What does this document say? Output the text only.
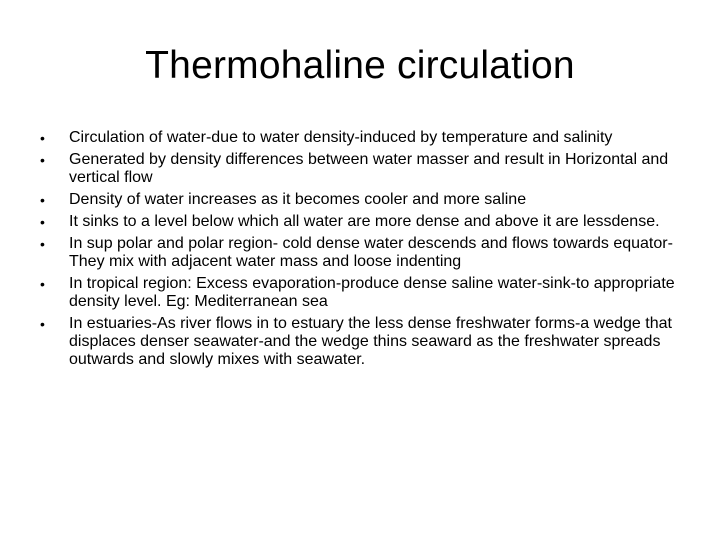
Thermohaline circulation
• Circulation of water-due to water density-induced by temperature and salinity
• Generated by density differences between water masser and result in Horizontal and vertical flow
• Density of water increases as it becomes cooler and more saline
• It sinks to a level below which all water are more dense and above it are lessdense.
• In sup polar and polar region- cold dense water descends and flows towards equator-They mix with adjacent water mass and loose indenting
• In tropical region: Excess evaporation-produce dense saline water-sink-to appropriate density level. Eg: Mediterranean sea
• In estuaries-As river flows in to estuary the less dense freshwater forms-a wedge that displaces denser seawater-and the wedge thins seaward as the freshwater spreads outwards and slowly mixes with seawater.
